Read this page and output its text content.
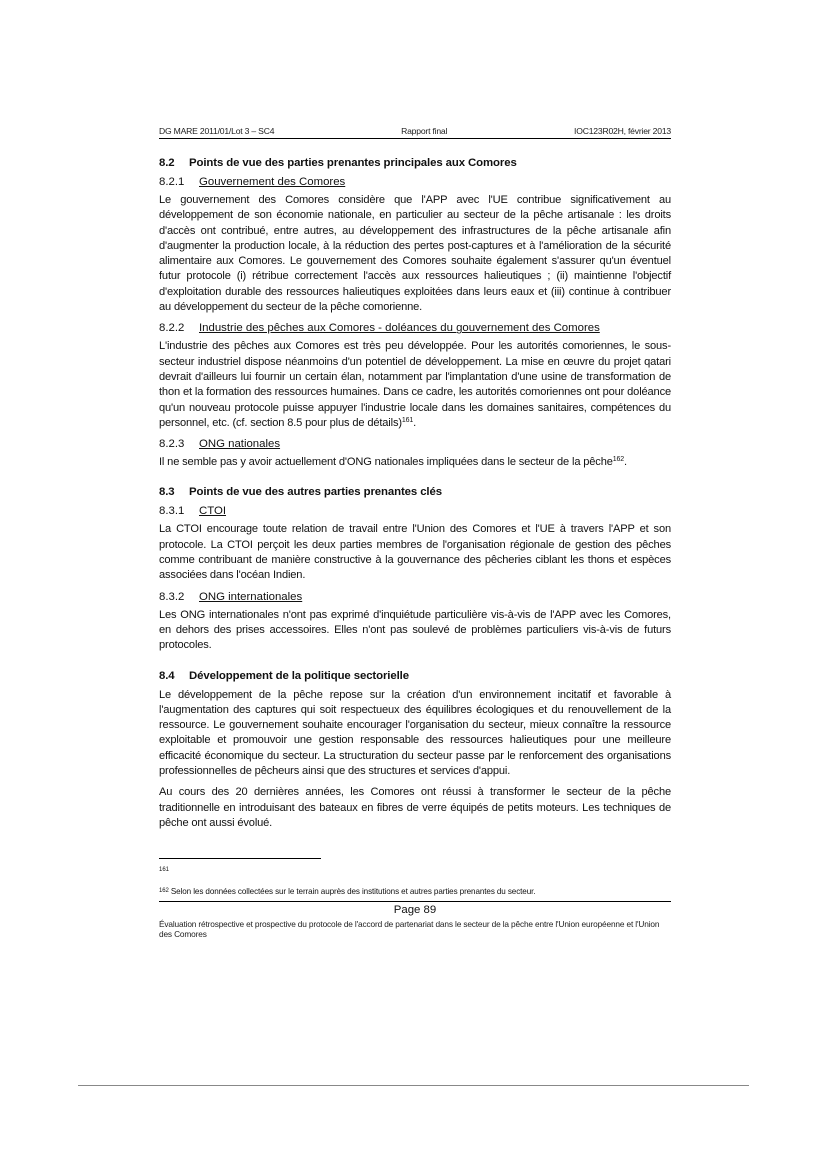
DG MARE 2011/01/Lot 3 – SC4	Rapport final	IOC123R02H, février 2013
8.2 Points de vue des parties prenantes principales aux Comores
8.2.1 Gouvernement des Comores

Le gouvernement des Comores considère que l'APP avec l'UE contribue significativement au développement de son économie nationale, en particulier au secteur de la pêche artisanale : les droits d'accès ont contribué, entre autres, au développement des infrastructures de la pêche artisanale afin d'augmenter la production locale, à la réduction des pertes post-captures et à l'amélioration de la sécurité alimentaire aux Comores. Le gouvernement des Comores souhaite également s'assurer qu'un éventuel futur protocole (i) rétribue correctement l'accès aux ressources halieutiques ; (ii) maintienne l'objectif d'exploitation durable des ressources halieutiques exploitées dans leurs eaux et (iii) continue à contribuer au développement du secteur de la pêche comorienne.

8.2.2 Industrie des pêches aux Comores - doléances du gouvernement des Comores

L'industrie des pêches aux Comores est très peu développée. Pour les autorités comoriennes, le sous-secteur industriel dispose néanmoins d'un potentiel de développement. La mise en œuvre du projet qatari devrait d'ailleurs lui fournir un certain élan, notamment par l'implantation d'une usine de transformation de thon et la formation des ressources humaines. Dans ce cadre, les autorités comoriennes ont pour doléance qu'un nouveau protocole puisse appuyer l'industrie locale dans les domaines sanitaires, compétences du personnel, etc. (cf. section 8.5 pour plus de détails)$^{161}$.

8.2.3 ONG nationales

Il ne semble pas y avoir actuellement d'ONG nationales impliquées dans le secteur de la pêche$^{162}$.

8.3 Points de vue des autres parties prenantes clés
8.3.1 CTOI

La CTOI encourage toute relation de travail entre l'Union des Comores et l'UE à travers l'APP et son protocole. La CTOI perçoit les deux parties membres de l'organisation régionale de gestion des pêches comme contribuant de manière constructive à la gouvernance des pêcheries ciblant les thons et espèces associées dans l'océan Indien.

8.3.2 ONG internationales

Les ONG internationales n'ont pas exprimé d'inquiétude particulière vis-à-vis de l'APP avec les Comores, en dehors des prises accessoires. Elles n'ont pas soulevé de problèmes particuliers vis-à-vis de futurs protocoles.

8.4 Développement de la politique sectorielle

Le développement de la pêche repose sur la création d'un environnement incitatif et favorable à l'augmentation des captures qui soit respectueux des équilibres écologiques et du renouvellement de la ressource. Le gouvernement souhaite encourager l'organisation du secteur, mieux connaître la ressource exploitable et promouvoir une gestion responsable des ressources halieutiques pour une meilleure efficacité économique du secteur. La structuration du secteur passe par le renforcement des organisations professionnelles de pêcheurs ainsi que des structures et services d'appui.

Au cours des 20 dernières années, les Comores ont réussi à transformer le secteur de la pêche traditionnelle en introduisant des bateaux en fibres de verre équipés de petits moteurs. Les techniques de pêche ont aussi évolué.

$^{161}$
$^{162}$ Selon les données collectées sur le terrain auprès des institutions et autres parties prenantes du secteur.
Page 89
Évaluation rétrospective et prospective du protocole de l'accord de partenariat dans le secteur de la pêche entre l'Union européenne et l'Union des Comores
